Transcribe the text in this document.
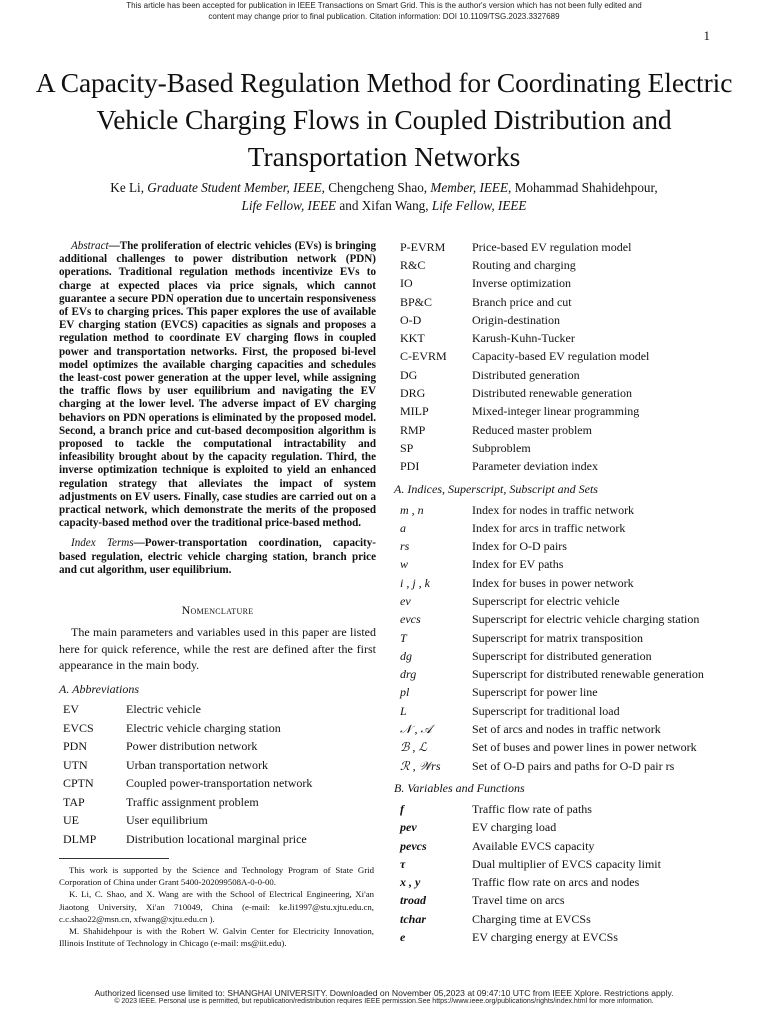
This article has been accepted for publication in IEEE Transactions on Smart Grid. This is the author's version which has not been fully edited and
content may change prior to final publication. Citation information: DOI 10.1109/TSG.2023.3327689
1
A Capacity-Based Regulation Method for Coordinating Electric Vehicle Charging Flows in Coupled Distribution and Transportation Networks
Ke Li, Graduate Student Member, IEEE, Chengcheng Shao, Member, IEEE, Mohammad Shahidehpour,
Life Fellow, IEEE and Xifan Wang, Life Fellow, IEEE

Abstract—The proliferation of electric vehicles (EVs) is bringing additional challenges to power distribution network (PDN) operations. Traditional regulation methods incentivize EVs to charge at expected places via price signals, which cannot guarantee a secure PDN operation due to uncertain responsiveness of EVs to charging prices. This paper explores the use of available EV charging station (EVCS) capacities as signals and proposes a regulation method to coordinate EV charging flows in coupled power and transportation networks. First, the proposed bi-level model optimizes the available charging capacities and schedules the least-cost power generation at the upper level, while assigning the traffic flows by user equilibrium and navigating the EV charging at the lower level. The adverse impact of EV charging behaviors on PDN operations is eliminated by the proposed model. Second, a branch price and cut-based decomposition algorithm is proposed to tackle the computational intractability and infeasibility brought about by the capacity regulation. Third, the inverse optimization technique is exploited to yield an enhanced regulation strategy that alleviates the impact of system adjustments on EV users. Finally, case studies are carried out on a practical network, which demonstrate the merits of the proposed capacity-based method over the traditional price-based method.

Index Terms—Power-transportation coordination, capacity-based regulation, electric vehicle charging station, branch price and cut algorithm, user equilibrium.

Nomenclature

The main parameters and variables used in this paper are listed here for quick reference, while the rest are defined after the first appearance in the main body.

A. Abbreviations
EV	Electric vehicle
EVCS	Electric vehicle charging station
PDN	Power distribution network
UTN	Urban transportation network
CPTN	Coupled power-transportation network
TAP	Traffic assignment problem
UE	User equilibrium
DLMP	Distribution locational marginal price

This work is supported by the Science and Technology Program of State Grid Corporation of China under Grant 5400-202099508A-0-0-00.

K. Li, C. Shao, and X. Wang are with the School of Electrical Engineering, Xi'an Jiaotong University, Xi'an 710049, China (e-mail: ke.li1997@stu.xjtu.edu.cn, c.c.shao22@msn.cn, xfwang@xjtu.edu.cn ).

M. Shahidehpour is with the Robert W. Galvin Center for Electricity Innovation, Illinois Institute of Technology in Chicago (e-mail: ms@iit.edu).

P-EVRM	Price-based EV regulation model
R&C	Routing and charging
IO	Inverse optimization
BP&C	Branch price and cut
O-D	Origin-destination
KKT	Karush-Kuhn-Tucker
C-EVRM	Capacity-based EV regulation model
DG	Distributed generation
DRG	Distributed renewable generation
MILP	Mixed-integer linear programming
RMP	Reduced master problem
SP	Subproblem
PDI	Parameter deviation index
A. Indices, Superscript, Subscript and Sets
m , n	Index for nodes in traffic network
a	Index for arcs in traffic network
rs	Index for O-D pairs
w	Index for EV paths
i , j , k	Index for buses in power network
ev	Superscript for electric vehicle
evcs	Superscript for electric vehicle charging station
T	Superscript for matrix transposition
dg	Superscript for distributed generation
drg	Superscript for distributed renewable generation
pl	Superscript for power line
L	Superscript for traditional load
𝒩 , 𝒜	Set of arcs and nodes in traffic network
ℬ , ℒ	Set of buses and power lines in power network
ℛ , 𝒲rs	Set of O-D pairs and paths for O-D pair rs
B. Variables and Functions
f	Traffic flow rate of paths
pev	EV charging load
pevcs	Available EVCS capacity
τ	Dual multiplier of EVCS capacity limit
x , y	Traffic flow rate on arcs and nodes
troad	Travel time on arcs
tchar	Charging time at EVCSs
e	EV charging energy at EVCSs
Authorized licensed use limited to: SHANGHAI UNIVERSITY. Downloaded on November 05,2023 at 09:47:10 UTC from IEEE Xplore. Restrictions apply.
© 2023 IEEE. Personal use is permitted, but republication/redistribution requires IEEE permission.See https://www.ieee.org/publications/rights/index.html for more information.
